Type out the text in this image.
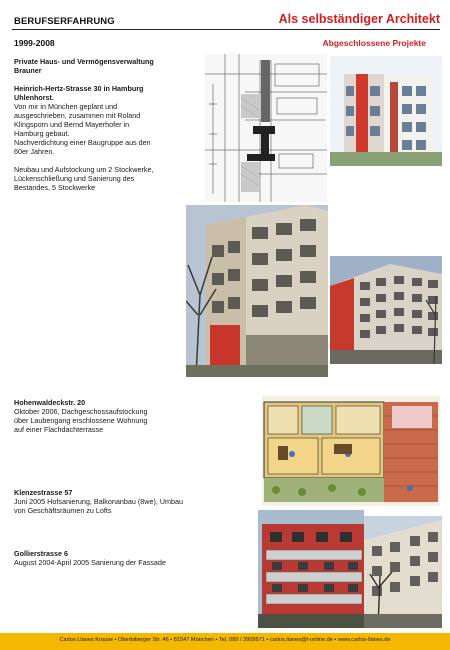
BERUFSERFAHRUNG	Als selbständiger Architekt
Abgeschlossene Projekte
1999-2008
Private Haus- und Vermögensverwaltung
Brauner
Heinrich-Hertz-Strasse 30 in Hamburg
Uhlenhorst.
Von mir in München geplant und
ausgeschrieben, zusammen mit Roland
Klingsporn und Bernd Mayerhofer in
Hamburg gebaut.
Nachverdichtung einer Baugruppe aus den
60er Jahren.
Neubau und Aufstockung um 2 Stockwerke,
Lückenschließung und Sanierung des
Bestandes, 5 Stockwerke
Hohenwaldeckstr. 20
Oktober 2006, Dachgeschossaufstockung
über Laubengang erschlossene Wohnung
auf einer Flachdachterrasse
Klenzestrasse 57
Juni 2005 Hofsanierung, Balkonanbau (8we), Umbau
von Geschäftsräumen zu Lofts
Gollierstrasse 6
August 2004-April 2005 Sanierung der Fassade
Carlos Llanes Krause • Oberbiberger Str. 46 • 81547 München • Tel. 089 / 3909571 • carlos.llanes@t-online.de • www.carlos-llanes.de
